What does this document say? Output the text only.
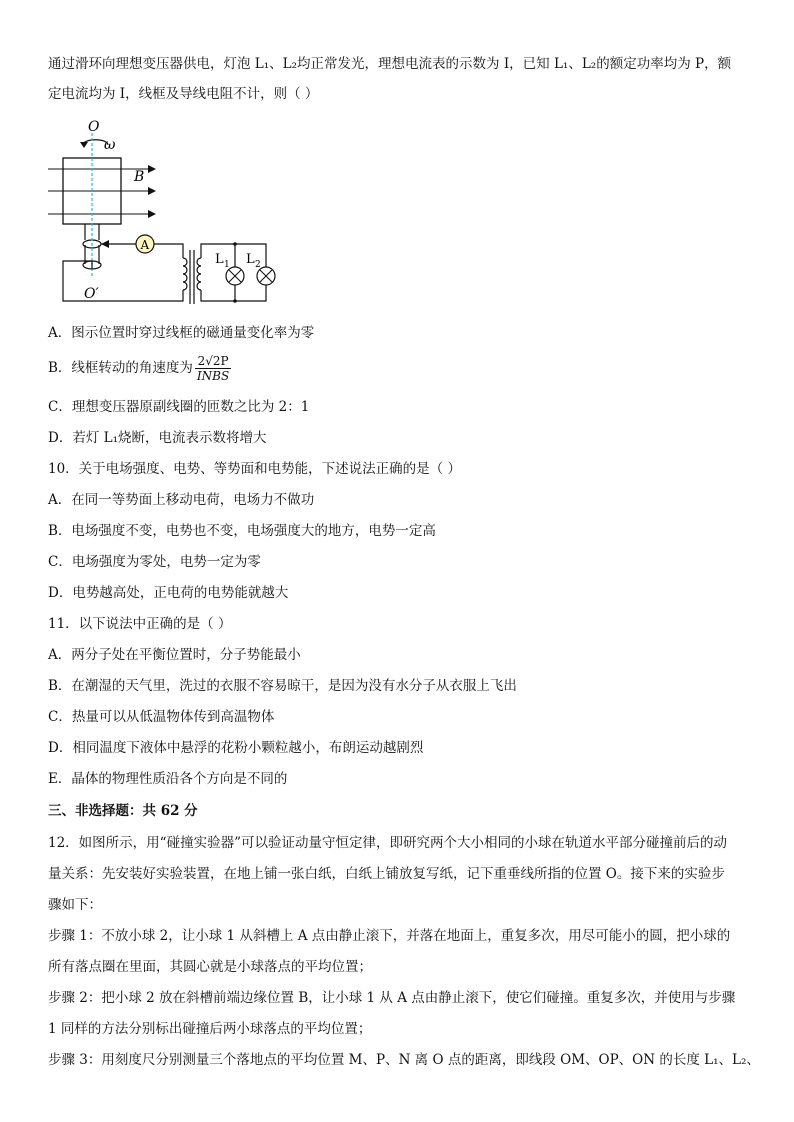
通过滑环向理想变压器供电，灯泡 L₁、L₂均正常发光，理想电流表的示数为 I，已知 L₁、L₂的额定功率均为 P，额
定电流均为 I，线框及导线电阻不计，则（ ）
O
ω
B
A
L 1 L 2
O′
A．图示位置时穿过线框的磁通量变化率为零
B．线框转动的角速度为 $\frac{2√2P}{\text{INBS}}$
C．理想变压器原副线圈的匝数之比为 2：1
D．若灯 L₁烧断，电流表示数将增大
10．关于电场强度、电势、等势面和电势能，下述说法正确的是（ ）
A．在同一等势面上移动电荷，电场力不做功
B．电场强度不变，电势也不变，电场强度大的地方，电势一定高
C．电场强度为零处，电势一定为零
D．电势越高处，正电荷的电势能就越大
11．以下说法中正确的是（ ）
A．两分子处在平衡位置时，分子势能最小
B．在潮湿的天气里，洗过的衣服不容易晾干，是因为没有水分子从衣服上飞出
C．热量可以从低温物体传到高温物体
D．相同温度下液体中悬浮的花粉小颗粒越小，布朗运动越剧烈
E．晶体的物理性质沿各个方向是不同的
三、非选择题：共 62 分
12．如图所示，用“碰撞实验器”可以验证动量守恒定律，即研究两个大小相同的小球在轨道水平部分碰撞前后的动
量关系：先安装好实验装置，在地上铺一张白纸，白纸上铺放复写纸，记下重垂线所指的位置 O。接下来的实验步
骤如下：
步骤 1：不放小球 2，让小球 1 从斜槽上 A 点由静止滚下，并落在地面上，重复多次，用尽可能小的圆，把小球的
所有落点圈在里面，其圆心就是小球落点的平均位置；
步骤 2：把小球 2 放在斜槽前端边缘位置 B，让小球 1 从 A 点由静止滚下，使它们碰撞。重复多次，并使用与步骤
1 同样的方法分别标出碰撞后两小球落点的平均位置；
步骤 3：用刻度尺分别测量三个落地点的平均位置 M、P、N 离 O 点的距离，即线段 OM、OP、ON 的长度 L₁、L₂、
